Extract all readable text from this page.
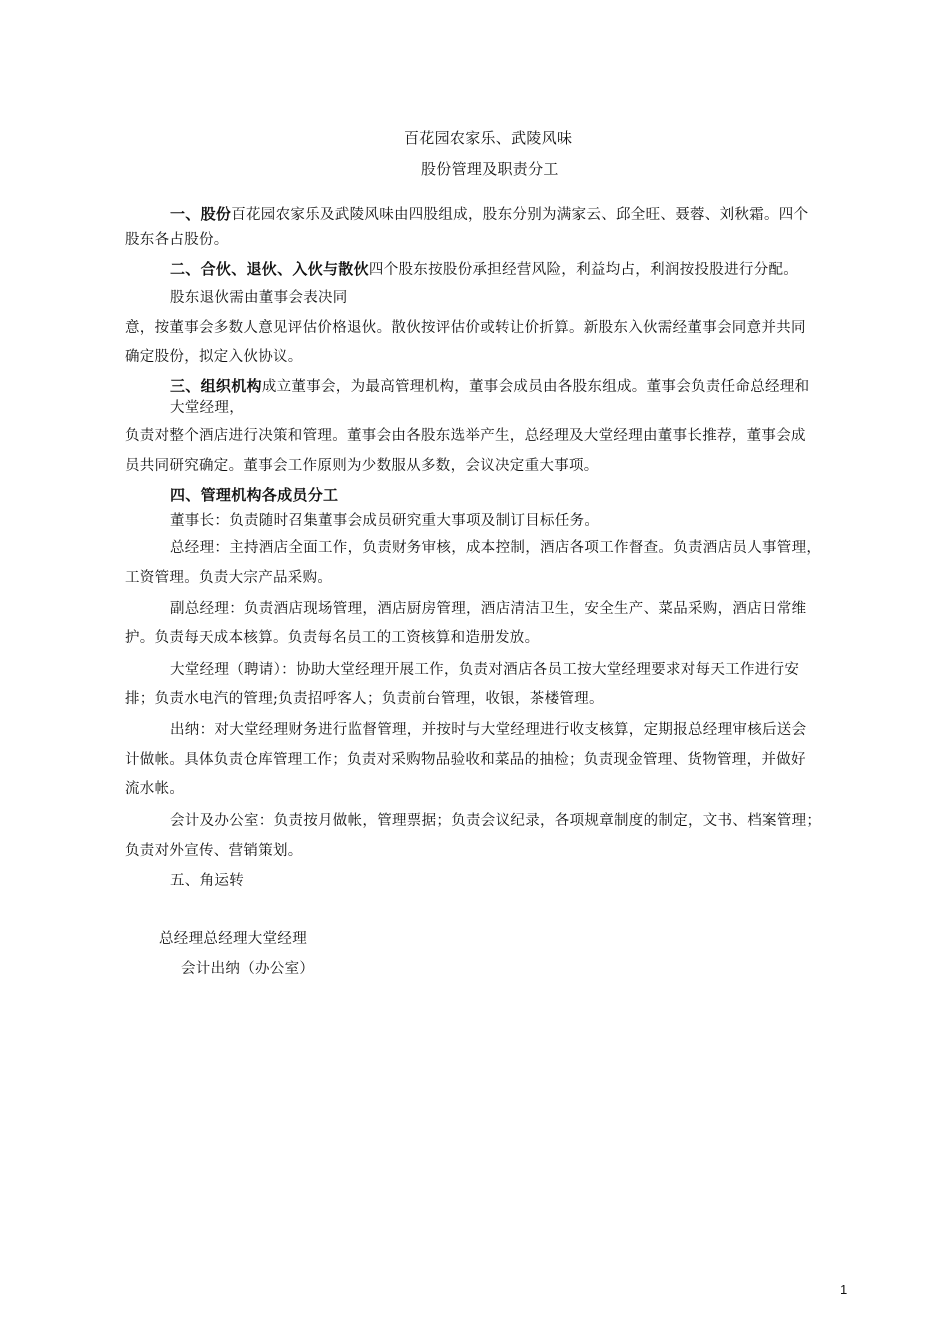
百花园农家乐、武陵风味
股份管理及职责分工
一、股份百花园农家乐及武陵风味由四股组成，股东分别为满家云、邱全旺、聂蓉、刘秋霜。四个
股东各占股份。
二、合伙、退伙、入伙与散伙四个股东按股份承担经营风险，利益均占，利润按投股进行分配。
股东退伙需由董事会表决同
意，按董事会多数人意见评估价格退伙。散伙按评估价或转让价折算。新股东入伙需经董事会同意并共同
确定股份，拟定入伙协议。
三、组织机构成立董事会，为最高管理机构，董事会成员由各股东组成。董事会负责任命总经理和
大堂经理，
负责对整个酒店进行决策和管理。董事会由各股东选举产生，总经理及大堂经理由董事长推荐，董事会成
员共同研究确定。董事会工作原则为少数服从多数，会议决定重大事项。
四、管理机构各成员分工
董事长：负责随时召集董事会成员研究重大事项及制订目标任务。
总经理：主持酒店全面工作，负责财务审核，成本控制，酒店各项工作督查。负责酒店员人事管理，
工资管理。负责大宗产品采购。
副总经理：负责酒店现场管理，酒店厨房管理，酒店清洁卫生，安全生产、菜品采购，酒店日常维
护。负责每天成本核算。负责每名员工的工资核算和造册发放。
大堂经理（聘请）：协助大堂经理开展工作，负责对酒店各员工按大堂经理要求对每天工作进行安
排；负责水电汽的管理;负责招呼客人；负责前台管理，收银，茶楼管理。
出纳：对大堂经理财务进行监督管理，并按时与大堂经理进行收支核算，定期报总经理审核后送会
计做帐。具体负责仓库管理工作；负责对采购物品验收和菜品的抽检；负责现金管理、货物管理，并做好
流水帐。
会计及办公室：负责按月做帐，管理票据；负责会议纪录，各项规章制度的制定，文书、档案管理；
负责对外宣传、营销策划。
五、角运转
总经理总经理大堂经理
会计出纳（办公室）
1
